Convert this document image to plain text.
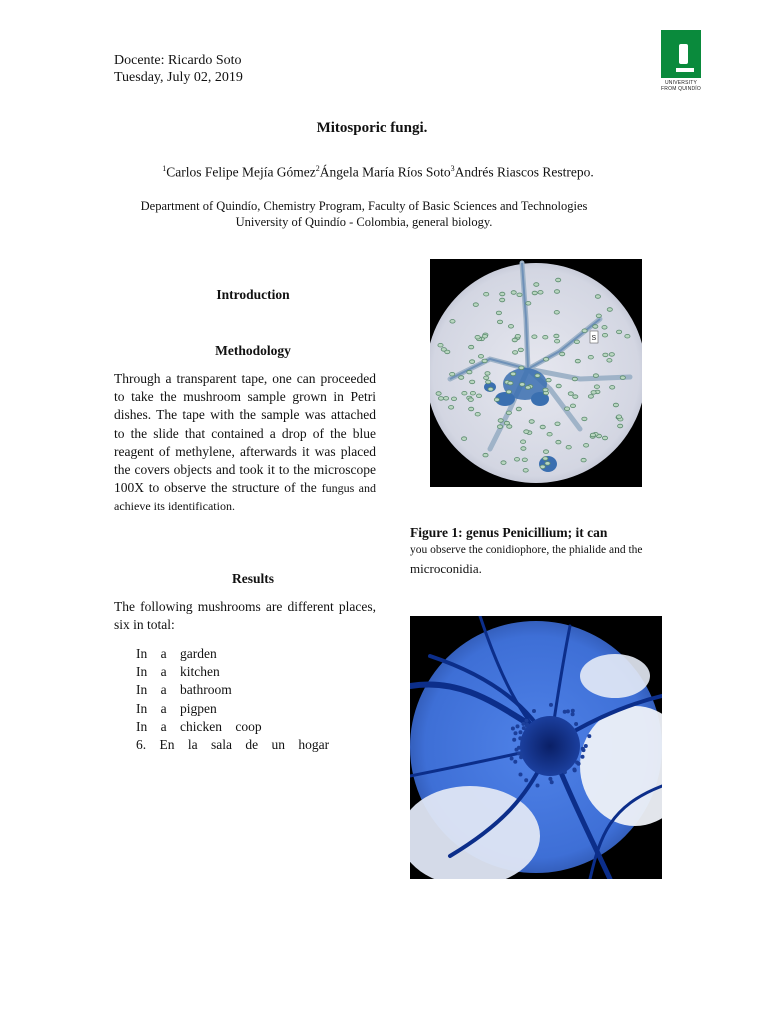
Docente: Ricardo Soto
Tuesday, July 02, 2019	UNIVERSITY
FROM QUINDÍO
Mitosporic fungi.
$^1$Carlos Felipe Mejía Gómez$^2$Ángela María Ríos Soto$^3$Andrés Riascos Restrepo.
Department of Quindío, Chemistry Program, Faculty of Basic Sciences and Technologies
University of Quindío - Colombia, general biology.
Introduction
Methodology
Through a transparent tape, one can proceeded to take the mushroom sample grown in Petri dishes. The tape with the sample was attached to the slide that contained a drop of the blue reagent of methylene, afterwards it was placed the covers objects and took it to the microscope 100X to observe the structure of the fungus and achieve its identification.
Results
The following mushrooms are different places, six in total:
In a garden
In a kitchen
In a bathroom
In a pigpen
In a chicken coop
6. En la sala de un hogar
S
Figure 1: genus Penicillium; it can
you observe the conidiophore, the phialide and the
microconidia.
